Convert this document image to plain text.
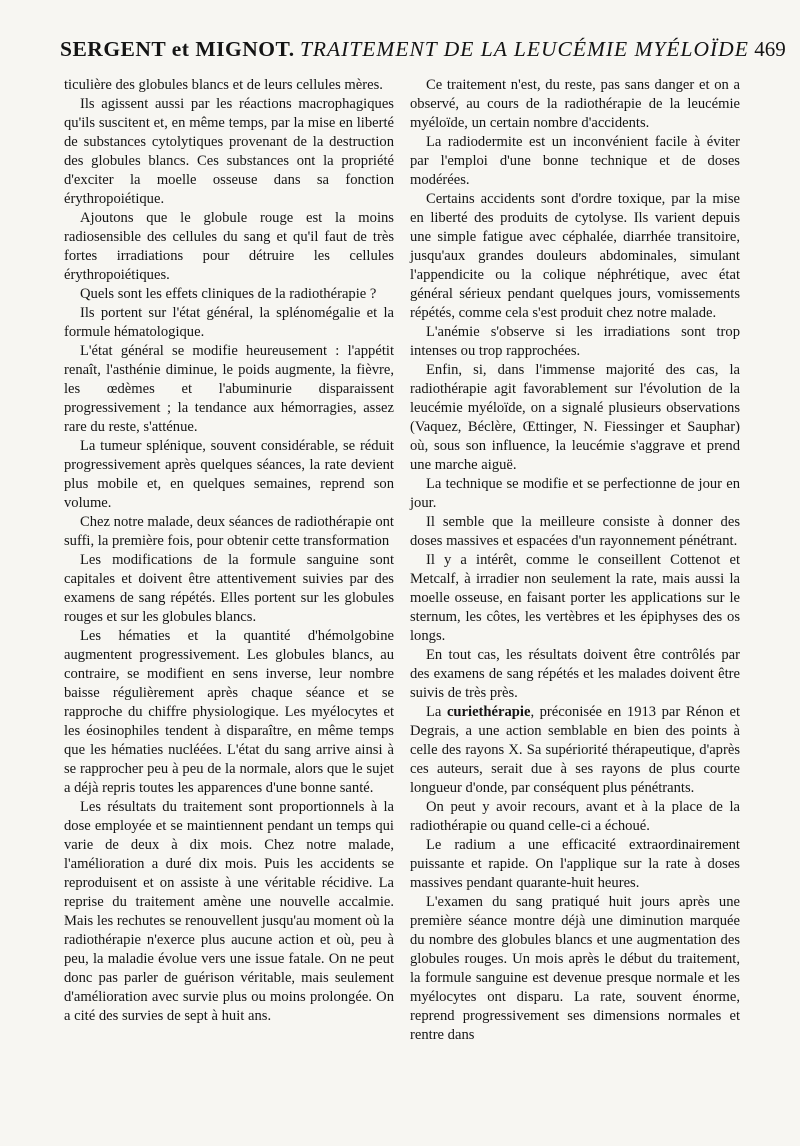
SERGENT et MIGNOT. TRAITEMENT DE LA LEUCÉMIE MYÉLOÏDE 469

ticulière des globules blancs et de leurs cellules mères.

Ils agissent aussi par les réactions macrophagiques qu'ils suscitent et, en même temps, par la mise en liberté de substances cytolytiques provenant de la destruction des globules blancs. Ces substances ont la propriété d'exciter la moelle osseuse dans sa fonction érythropoiétique.

Ajoutons que le globule rouge est la moins radiosensible des cellules du sang et qu'il faut de très fortes irradiations pour détruire les cellules érythropoiétiques.

Quels sont les effets cliniques de la radiothérapie ?

Ils portent sur l'état général, la splénomégalie et la formule hématologique.

L'état général se modifie heureusement : l'appétit renaît, l'asthénie diminue, le poids augmente, la fièvre, les œdèmes et l'abuminurie disparaissent progressivement ; la tendance aux hémorragies, assez rare du reste, s'atténue.

La tumeur splénique, souvent considérable, se réduit progressivement après quelques séances, la rate devient plus mobile et, en quelques semaines, reprend son volume.

Chez notre malade, deux séances de radiothérapie ont suffi, la première fois, pour obtenir cette transformation

Les modifications de la formule sanguine sont capitales et doivent être attentivement suivies par des examens de sang répétés. Elles portent sur les globules rouges et sur les globules blancs.

Les hématies et la quantité d'hémolgobine augmentent progressivement. Les globules blancs, au contraire, se modifient en sens inverse, leur nombre baisse régulièrement après chaque séance et se rapproche du chiffre physiologique. Les myélocytes et les éosinophiles tendent à disparaître, en même temps que les hématies nucléées. L'état du sang arrive ainsi à se rapprocher peu à peu de la normale, alors que le sujet a déjà repris toutes les apparences d'une bonne santé.

Les résultats du traitement sont proportionnels à la dose employée et se maintiennent pendant un temps qui varie de deux à dix mois. Chez notre malade, l'amélioration a duré dix mois. Puis les accidents se reproduisent et on assiste à une véritable récidive. La reprise du traitement amène une nouvelle accalmie. Mais les rechutes se renouvellent jusqu'au moment où la radiothérapie n'exerce plus aucune action et où, peu à peu, la maladie évolue vers une issue fatale. On ne peut donc pas parler de guérison véritable, mais seulement d'amélioration avec survie plus ou moins prolongée. On a cité des survies de sept à huit ans.

Ce traitement n'est, du reste, pas sans danger et on a observé, au cours de la radiothérapie de la leucémie myéloïde, un certain nombre d'accidents.

La radiodermite est un inconvénient facile à éviter par l'emploi d'une bonne technique et de doses modérées.

Certains accidents sont d'ordre toxique, par la mise en liberté des produits de cytolyse. Ils varient depuis une simple fatigue avec céphalée, diarrhée transitoire, jusqu'aux grandes douleurs abdominales, simulant l'appendicite ou la colique néphrétique, avec état général sérieux pendant quelques jours, vomissements répétés, comme cela s'est produit chez notre malade.

L'anémie s'observe si les irradiations sont trop intenses ou trop rapprochées.

Enfin, si, dans l'immense majorité des cas, la radiothérapie agit favorablement sur l'évolution de la leucémie myéloïde, on a signalé plusieurs observations (Vaquez, Béclère, Œttinger, N. Fiessinger et Sauphar) où, sous son influence, la leucémie s'aggrave et prend une marche aiguë.

La technique se modifie et se perfectionne de jour en jour.

Il semble que la meilleure consiste à donner des doses massives et espacées d'un rayonnement pénétrant.

Il y a intérêt, comme le conseillent Cottenot et Metcalf, à irradier non seulement la rate, mais aussi la moelle osseuse, en faisant porter les applications sur le sternum, les côtes, les vertèbres et les épiphyses des os longs.

En tout cas, les résultats doivent être contrôlés par des examens de sang répétés et les malades doivent être suivis de très près.

La curiethérapie, préconisée en 1913 par Rénon et Degrais, a une action semblable en bien des points à celle des rayons X. Sa supériorité thérapeutique, d'après ces auteurs, serait due à ses rayons de plus courte longueur d'onde, par conséquent plus pénétrants.

On peut y avoir recours, avant et à la place de la radiothérapie ou quand celle-ci a échoué.

Le radium a une efficacité extraordinairement puissante et rapide. On l'applique sur la rate à doses massives pendant quarante-huit heures.

L'examen du sang pratiqué huit jours après une première séance montre déjà une diminution marquée du nombre des globules blancs et une augmentation des globules rouges. Un mois après le début du traitement, la formule sanguine est devenue presque normale et les myélocytes ont disparu. La rate, souvent énorme, reprend progressivement ses dimensions normales et rentre dans
